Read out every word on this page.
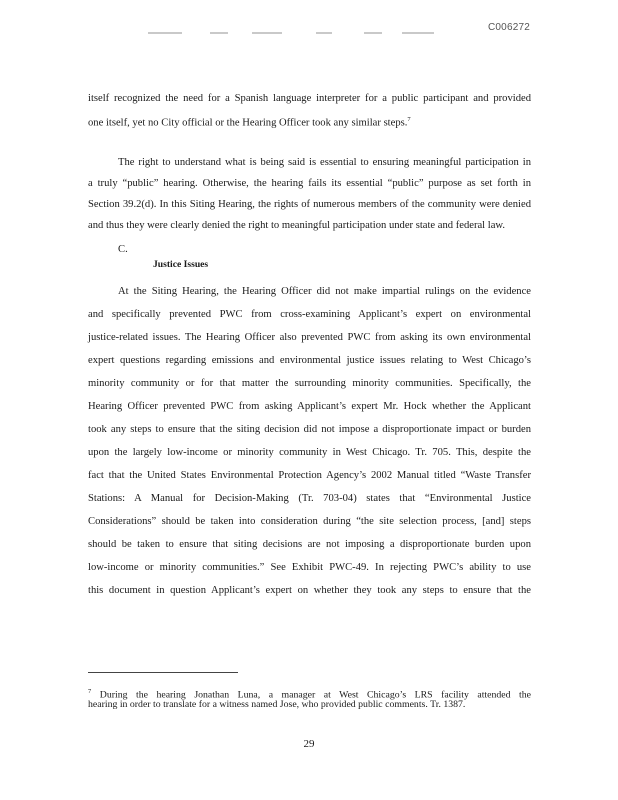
C006272
itself recognized the need for a Spanish language interpreter for a public participant and provided
one itself, yet no City official or the Hearing Officer took any similar steps.$^7$
The right to understand what is being said is essential to ensuring meaningful participation in
a truly “public” hearing. Otherwise, the hearing fails its essential “public” purpose as set forth in
Section 39.2(d). In this Siting Hearing, the rights of numerous members of the community were denied
and thus they were clearly denied the right to meaningful participation under state and federal law.
C.
Justice Issues
At the Siting Hearing, the Hearing Officer did not make impartial rulings on the evidence
and specifically prevented PWC from cross-examining Applicant’s expert on environmental
justice-related issues. The Hearing Officer also prevented PWC from asking its own environmental
expert questions regarding emissions and environmental justice issues relating to West Chicago’s
minority community or for that matter the surrounding minority communities. Specifically, the
Hearing Officer prevented PWC from asking Applicant’s expert Mr. Hock whether the Applicant
took any steps to ensure that the siting decision did not impose a disproportionate impact or burden
upon the largely low-income or minority community in West Chicago. Tr. 705. This, despite the
fact that the United States Environmental Protection Agency’s 2002 Manual titled “Waste Transfer
Stations: A Manual for Decision-Making (Tr. 703-04) states that “Environmental Justice
Considerations” should be taken into consideration during “the site selection process, [and] steps
should be taken to ensure that siting decisions are not imposing a disproportionate burden upon
low-income or minority communities.” See Exhibit PWC-49. In rejecting PWC’s ability to use
this document in question Applicant’s expert on whether they took any steps to ensure that the
$^7$ During the hearing Jonathan Luna, a manager at West Chicago’s LRS facility attended the
hearing in order to translate for a witness named Jose, who provided public comments. Tr. 1387.
29
